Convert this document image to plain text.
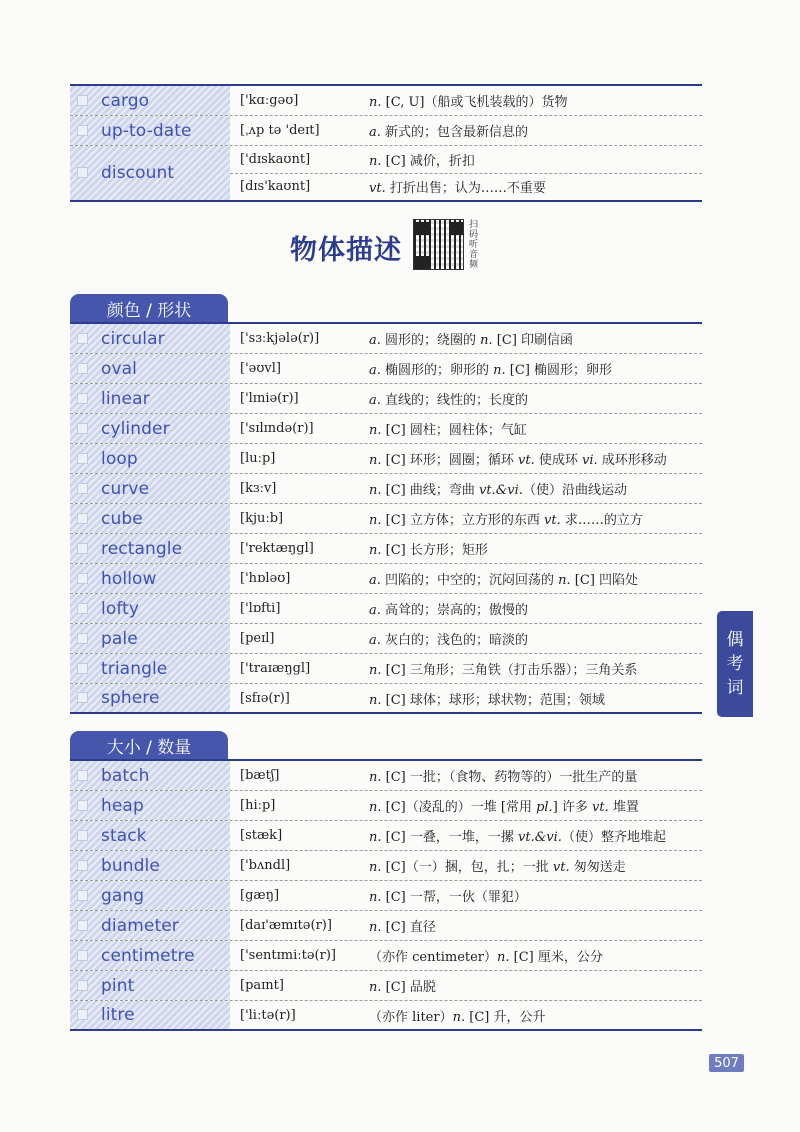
cargo	['kɑːgəʊ]	n. [C, U]（船或飞机装载的）货物
up-to-date	[ˌʌp tə 'deɪt]	a. 新式的；包含最新信息的
discount
['dɪskaʊnt]	n. [C] 减价，折扣
[dɪs'kaʊnt]	vt. 打折出售；认为……不重要
物体描述
扫
码
听
音
频
颜色 / 形状
circular	['sɜːkjələ(r)]	a. 圆形的；绕圈的 n. [C] 印刷信函
oval	['əʊvl]	a. 椭圆形的；卵形的 n. [C] 椭圆形；卵形
linear	['lɪniə(r)]	a. 直线的；线性的；长度的
cylinder	['sɪlɪndə(r)]	n. [C] 圆柱；圆柱体；气缸
loop	[luːp]	n. [C] 环形；圆圈；循环 vt. 使成环 vi. 成环形移动
curve	[kɜːv]	n. [C] 曲线；弯曲 vt.&vi.（使）沿曲线运动
cube	[kjuːb]	n. [C] 立方体；立方形的东西 vt. 求……的立方
rectangle	['rektæŋgl]	n. [C] 长方形；矩形
hollow	['hɒləʊ]	a. 凹陷的；中空的；沉闷回荡的 n. [C] 凹陷处
lofty	['lɒfti]	a. 高耸的；崇高的；傲慢的
pale	[peɪl]	a. 灰白的；浅色的；暗淡的
triangle	['traɪæŋgl]	n. [C] 三角形；三角铁（打击乐器）；三角关系
sphere	[sfɪə(r)]	n. [C] 球体；球形；球状物；范围；领域
大小 / 数量
batch	[bætʃ]	n. [C] 一批；（食物、药物等的）一批生产的量
heap	[hiːp]	n. [C]（凌乱的）一堆 [常用 pl.] 许多 vt. 堆置
stack	[stæk]	n. [C] 一叠，一堆，一摞 vt.&vi.（使）整齐地堆起
bundle	['bʌndl]	n. [C]（一）捆，包，扎；一批 vt. 匆匆送走
gang	[gæŋ]	n. [C] 一帮，一伙（罪犯）
diameter	[daɪ'æmɪtə(r)]	n. [C] 直径
centimetre	['sentɪmiːtə(r)]	（亦作 centimeter）n. [C] 厘米，公分
pint	[paɪnt]	n. [C] 品脱
litre	['liːtə(r)]	（亦作 liter）n. [C] 升，公升
偶
考
词
507
